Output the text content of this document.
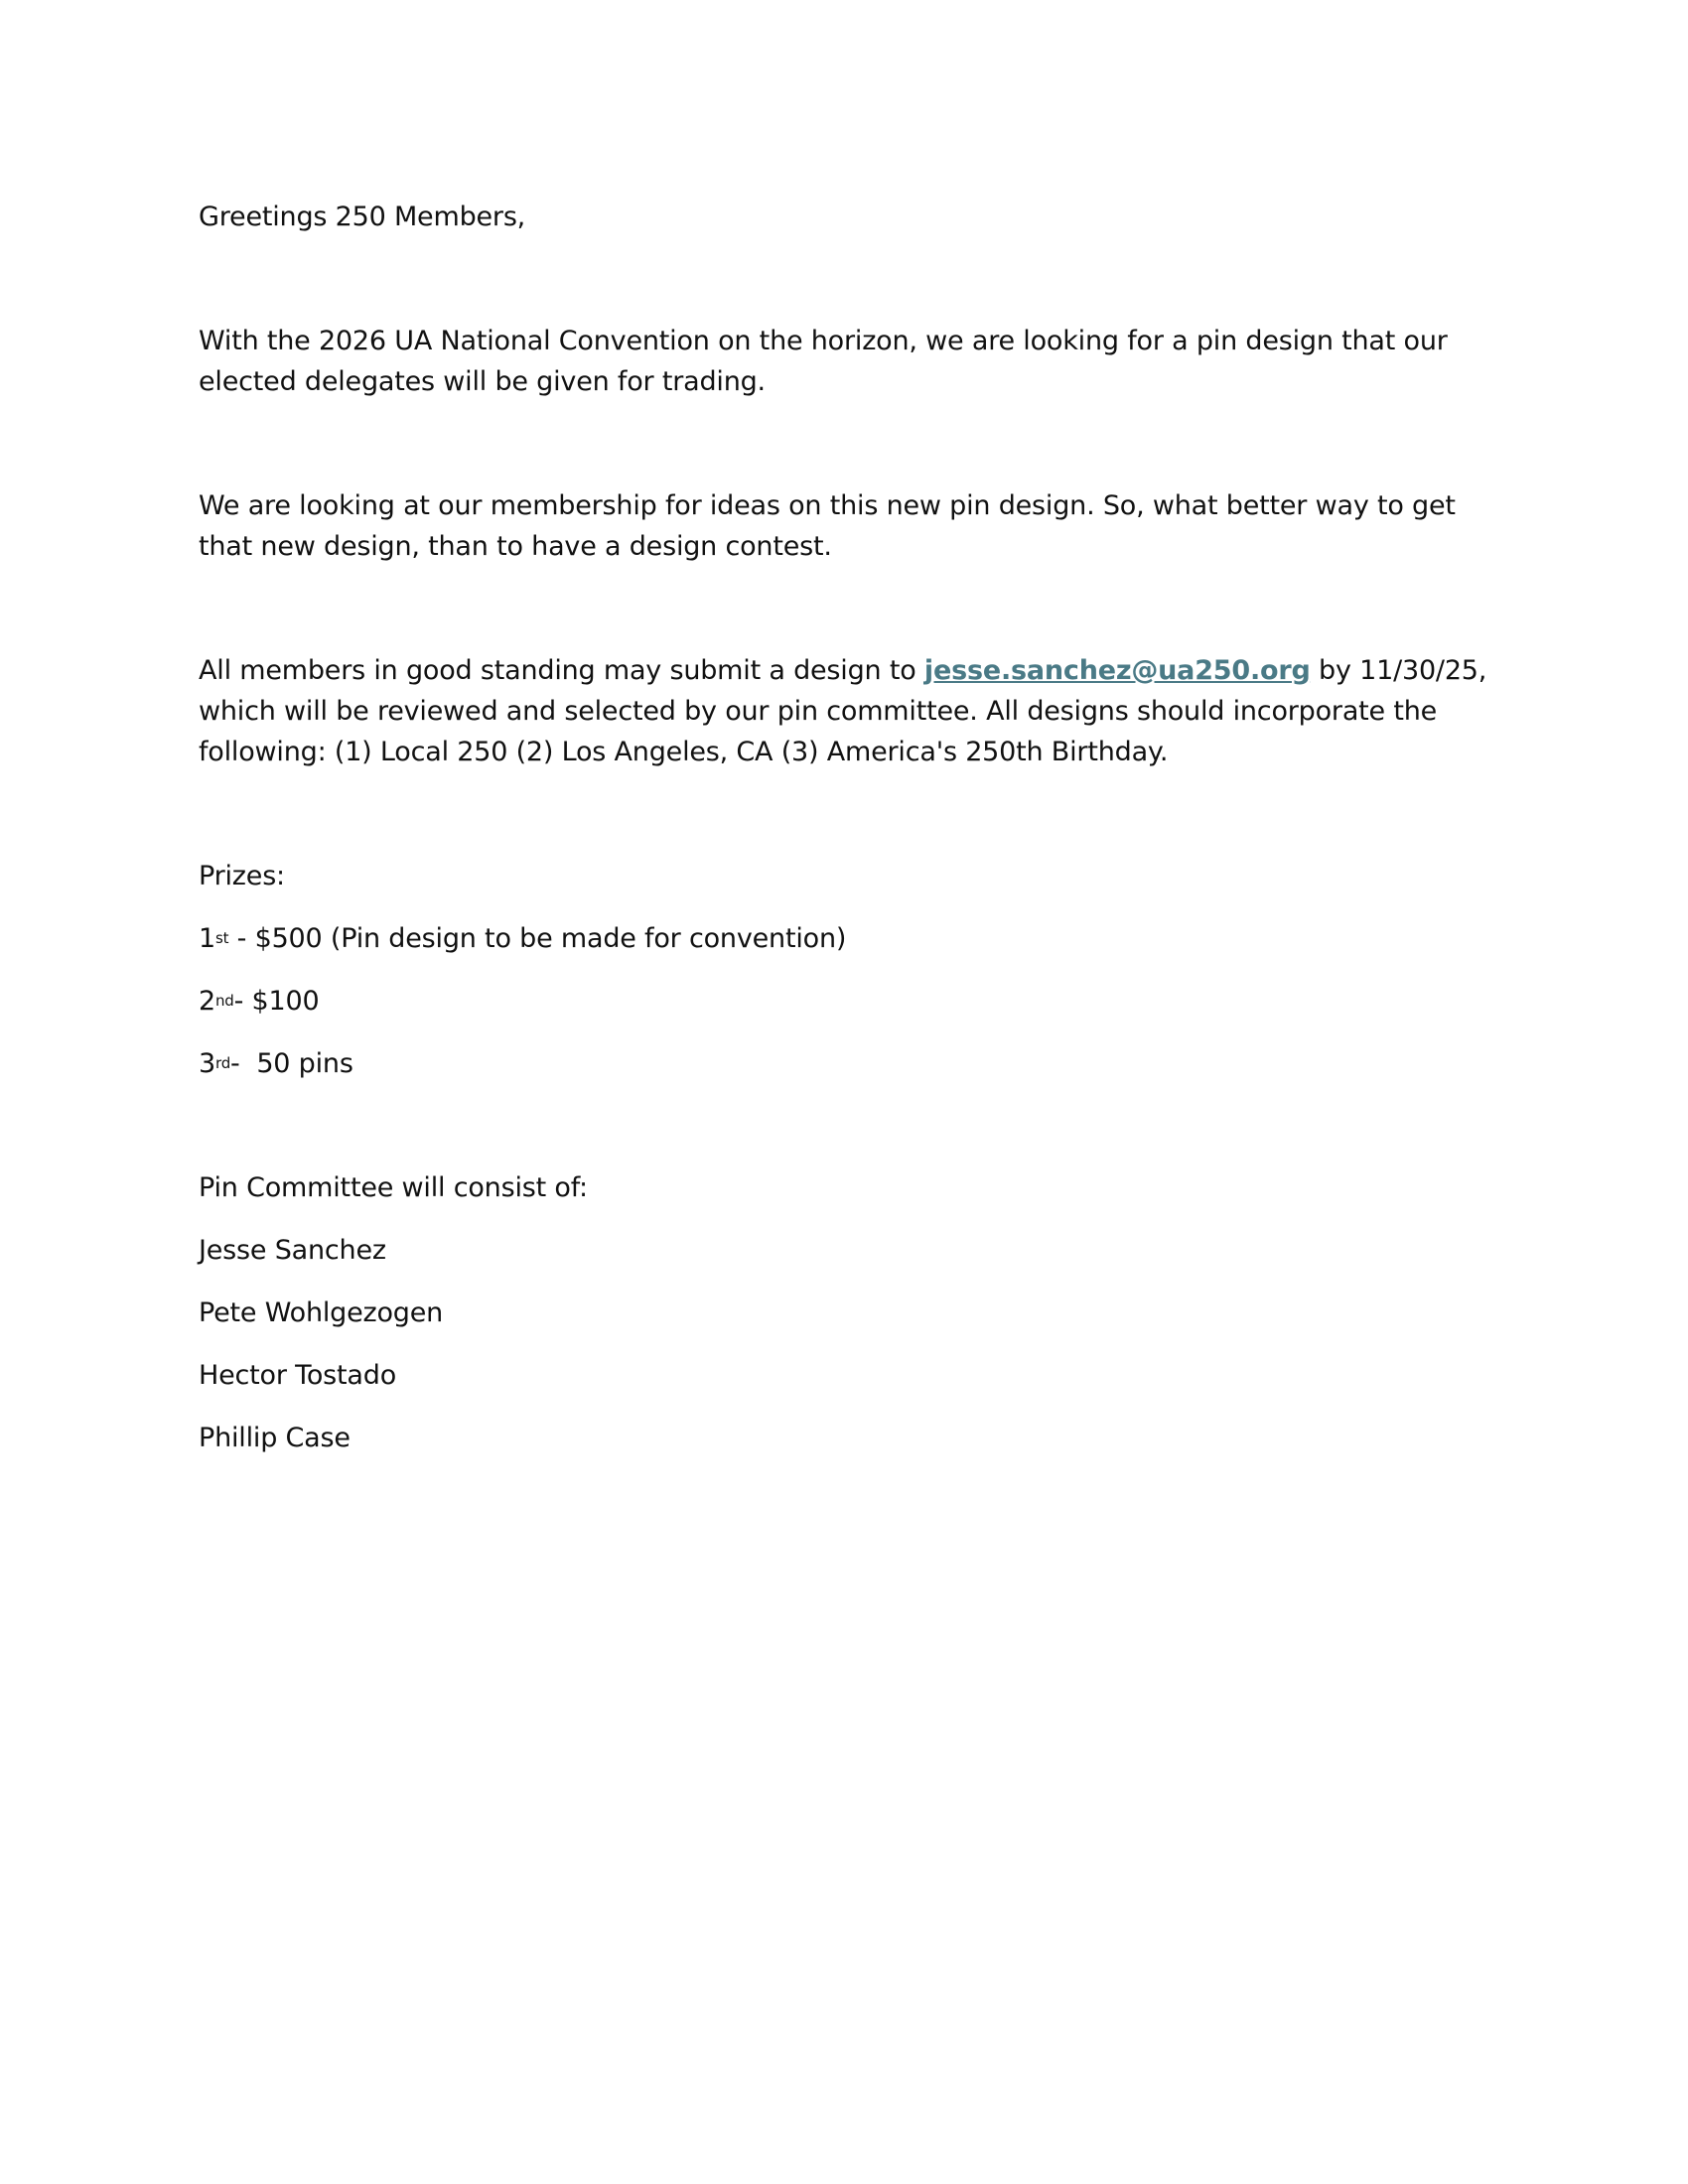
Greetings 250 Members,

With the 2026 UA National Convention on the horizon, we are looking for a pin design that our elected delegates will be given for trading.

We are looking at our membership for ideas on this new pin design. So, what better way to get that new design, than to have a design contest.

All members in good standing may submit a design to jesse.sanchez@ua250.org by 11/30/25, which will be reviewed and selected by our pin committee. All designs should incorporate the following: (1) Local 250 (2) Los Angeles, CA (3) America's 250th Birthday.

Prizes:

1st - $500 (Pin design to be made for convention)

2nd- $100

3rd-  50 pins

Pin Committee will consist of:

Jesse Sanchez

Pete Wohlgezogen

Hector Tostado

Phillip Case
